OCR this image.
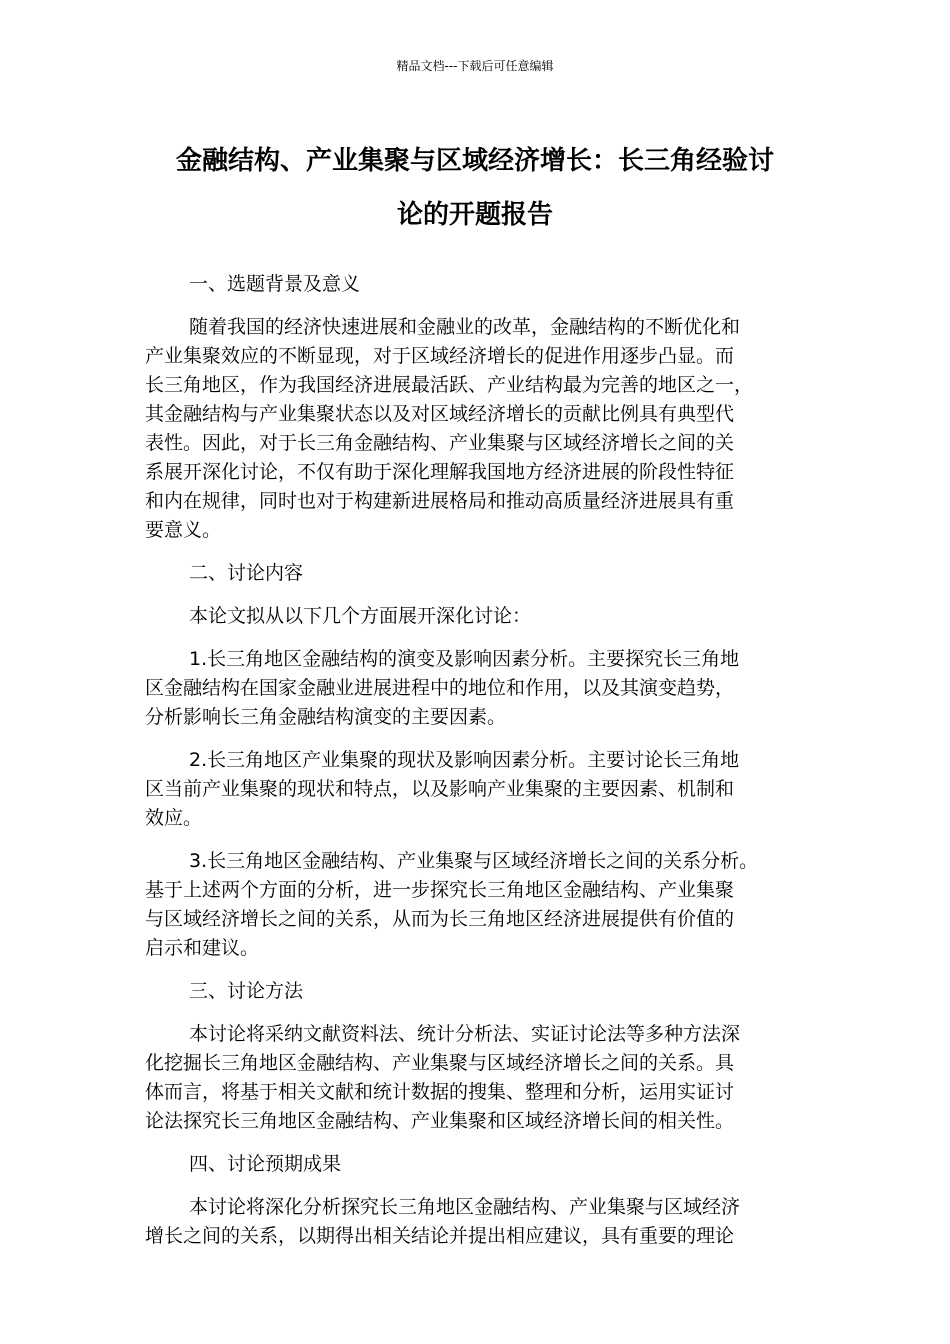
精品文档---下载后可任意编辑
金融结构、产业集聚与区域经济增长：长三角经验讨
论的开题报告
一、选题背景及意义
随着我国的经济快速进展和金融业的改革，金融结构的不断优化和
产业集聚效应的不断显现，对于区域经济增长的促进作用逐步凸显。而
长三角地区，作为我国经济进展最活跃、产业结构最为完善的地区之一，
其金融结构与产业集聚状态以及对区域经济增长的贡献比例具有典型代
表性。因此，对于长三角金融结构、产业集聚与区域经济增长之间的关
系展开深化讨论，不仅有助于深化理解我国地方经济进展的阶段性特征
和内在规律，同时也对于构建新进展格局和推动高质量经济进展具有重
要意义。
二、讨论内容
本论文拟从以下几个方面展开深化讨论：
1.长三角地区金融结构的演变及影响因素分析。主要探究长三角地
区金融结构在国家金融业进展进程中的地位和作用，以及其演变趋势，
分析影响长三角金融结构演变的主要因素。
2.长三角地区产业集聚的现状及影响因素分析。主要讨论长三角地
区当前产业集聚的现状和特点，以及影响产业集聚的主要因素、机制和
效应。
3.长三角地区金融结构、产业集聚与区域经济增长之间的关系分析。
基于上述两个方面的分析，进一步探究长三角地区金融结构、产业集聚
与区域经济增长之间的关系，从而为长三角地区经济进展提供有价值的
启示和建议。
三、讨论方法
本讨论将采纳文献资料法、统计分析法、实证讨论法等多种方法深
化挖掘长三角地区金融结构、产业集聚与区域经济增长之间的关系。具
体而言，将基于相关文献和统计数据的搜集、整理和分析，运用实证讨
论法探究长三角地区金融结构、产业集聚和区域经济增长间的相关性。
四、讨论预期成果
本讨论将深化分析探究长三角地区金融结构、产业集聚与区域经济
增长之间的关系，以期得出相关结论并提出相应建议，具有重要的理论
